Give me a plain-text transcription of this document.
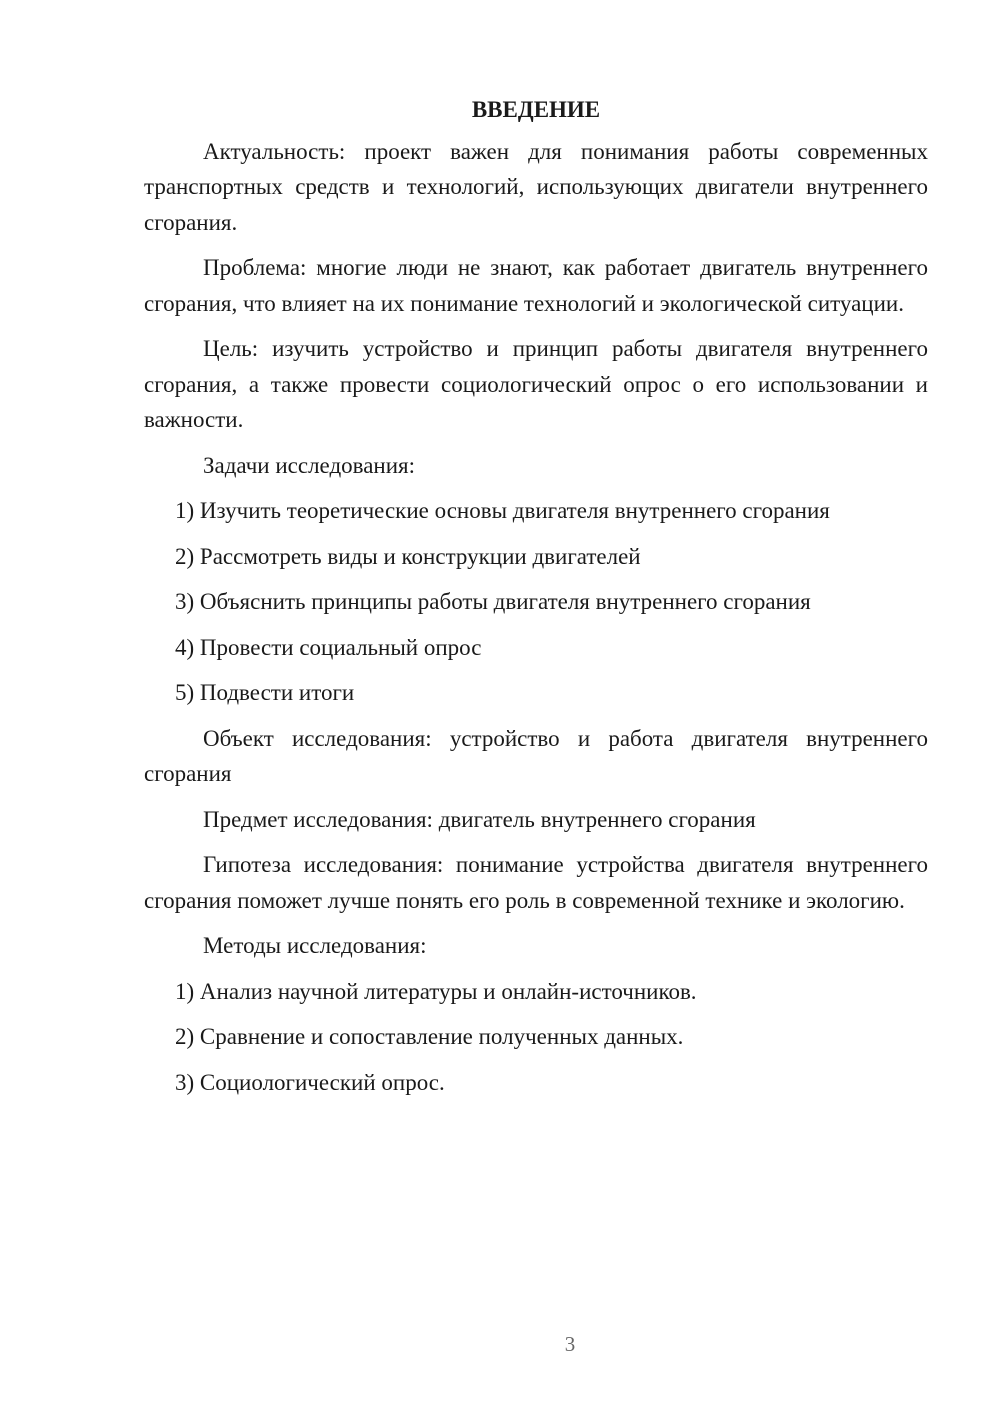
ВВЕДЕНИЕ

Актуальность: проект важен для понимания работы современных транспортных средств и технологий, использующих двигатели внутреннего сгорания.

Проблема: многие люди не знают, как работает двигатель внутреннего сгорания, что влияет на их понимание технологий и экологической ситуации.

Цель: изучить устройство и принцип работы двигателя внутреннего сгорания, а также провести социологический опрос о его использовании и важности.

Задачи исследования:

1) Изучить теоретические основы двигателя внутреннего сгорания
2) Рассмотреть виды и конструкции двигателей
3) Объяснить принципы работы двигателя внутреннего сгорания
4) Провести социальный опрос
5) Подвести итоги

Объект исследования: устройство и работа двигателя внутреннего сгорания

Предмет исследования: двигатель внутреннего сгорания

Гипотеза исследования: понимание устройства двигателя внутреннего сгорания поможет лучше понять его роль в современной технике и экологию.

Методы исследования:

1) Анализ научной литературы и онлайн-источников.
2) Сравнение и сопоставление полученных данных.
3) Социологический опрос.
3
